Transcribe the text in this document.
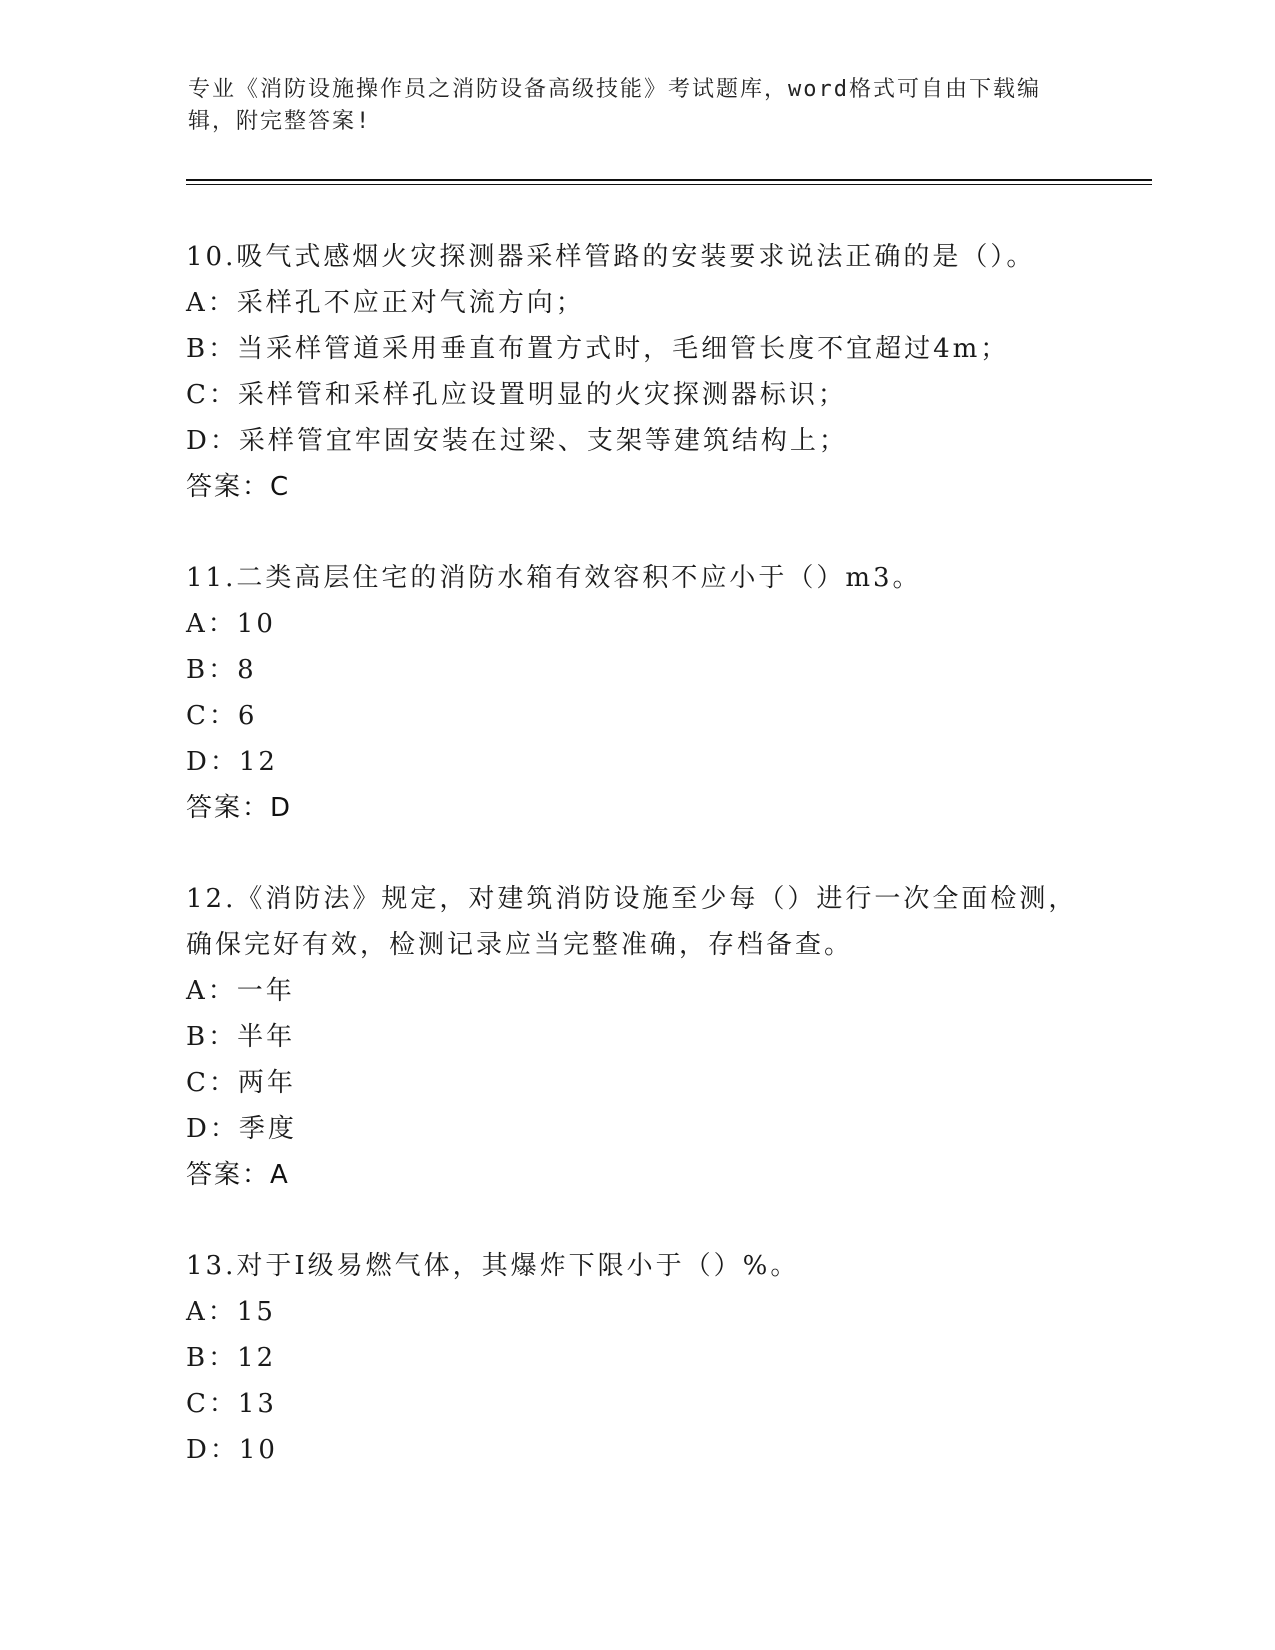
专业《消防设施操作员之消防设备高级技能》考试题库，word格式可自由下载编
辑，附完整答案!
10.吸气式感烟火灾探测器采样管路的安装要求说法正确的是（）。
A：采样孔不应正对气流方向；
B：当采样管道采用垂直布置方式时，毛细管长度不宜超过4m；
C：采样管和采样孔应设置明显的火灾探测器标识；
D：采样管宜牢固安装在过梁、支架等建筑结构上；
答案：C
11.二类高层住宅的消防水箱有效容积不应小于（）m3。
A：10
B：8
C：6
D：12
答案：D
12.《消防法》规定，对建筑消防设施至少每（）进行一次全面检测，
确保完好有效，检测记录应当完整准确，存档备查。
A：一年
B：半年
C：两年
D：季度
答案：A
13.对于Ⅰ级易燃气体，其爆炸下限小于（）%。
A：15
B：12
C：13
D：10
